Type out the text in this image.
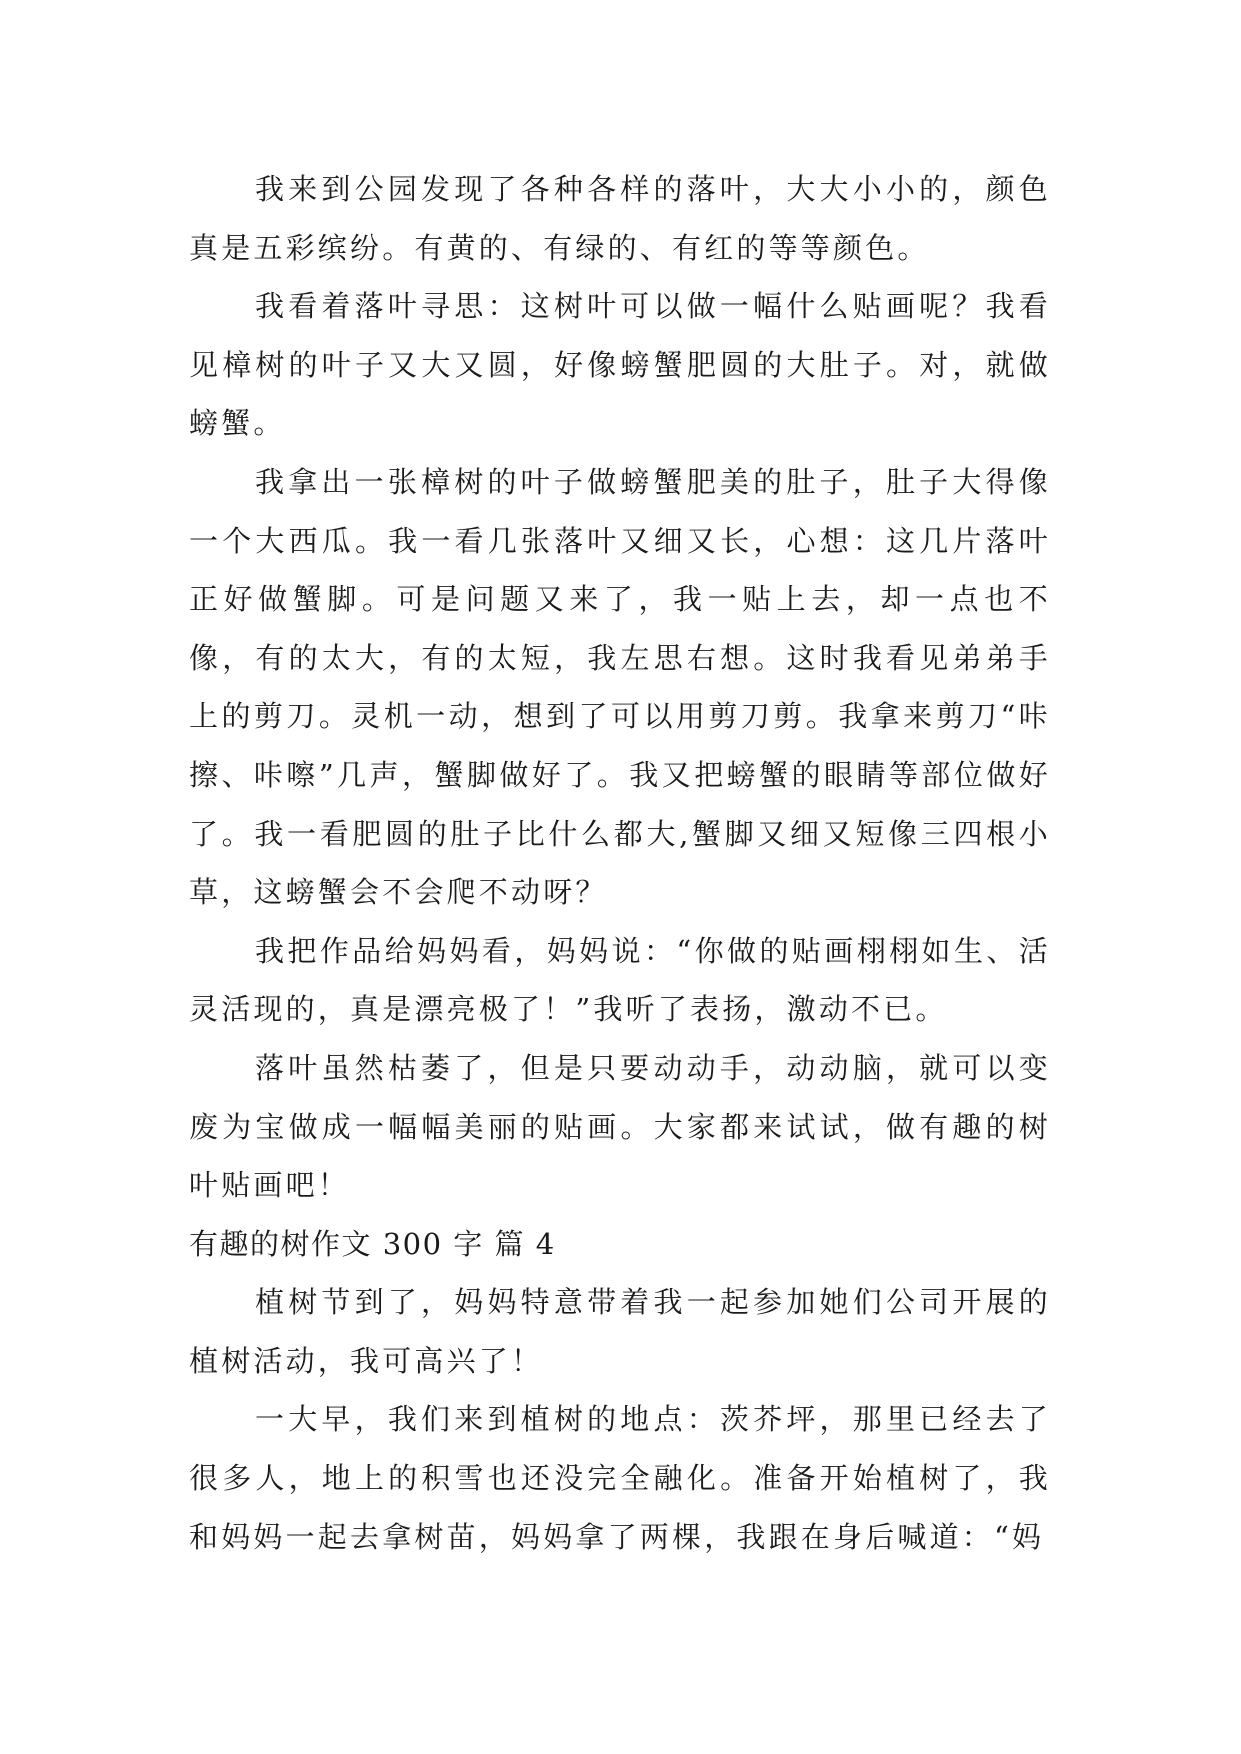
我来到公园发现了各种各样的落叶，大大小小的，颜色真是五彩缤纷。有黄的、有绿的、有红的等等颜色。

我看着落叶寻思：这树叶可以做一幅什么贴画呢？我看见樟树的叶子又大又圆，好像螃蟹肥圆的大肚子。对，就做螃蟹。

我拿出一张樟树的叶子做螃蟹肥美的肚子，肚子大得像一个大西瓜。我一看几张落叶又细又长，心想：这几片落叶正好做蟹脚。可是问题又来了，我一贴上去，却一点也不像，有的太大，有的太短，我左思右想。这时我看见弟弟手上的剪刀。灵机一动，想到了可以用剪刀剪。我拿来剪刀“咔擦、咔嚓”几声，蟹脚做好了。我又把螃蟹的眼睛等部位做好了。我一看肥圆的肚子比什么都大,蟹脚又细又短像三四根小草，这螃蟹会不会爬不动呀？

我把作品给妈妈看，妈妈说：“你做的贴画栩栩如生、活灵活现的，真是漂亮极了！”我听了表扬，激动不已。

落叶虽然枯萎了，但是只要动动手，动动脑，就可以变废为宝做成一幅幅美丽的贴画。大家都来试试，做有趣的树叶贴画吧！

有趣的树作文 300 字 篇 4

植树节到了，妈妈特意带着我一起参加她们公司开展的植树活动，我可高兴了！

一大早，我们来到植树的地点：茨芥坪，那里已经去了很多人，地上的积雪也还没完全融化。准备开始植树了，我和妈妈一起去拿树苗，妈妈拿了两棵，我跟在身后喊道：“妈
